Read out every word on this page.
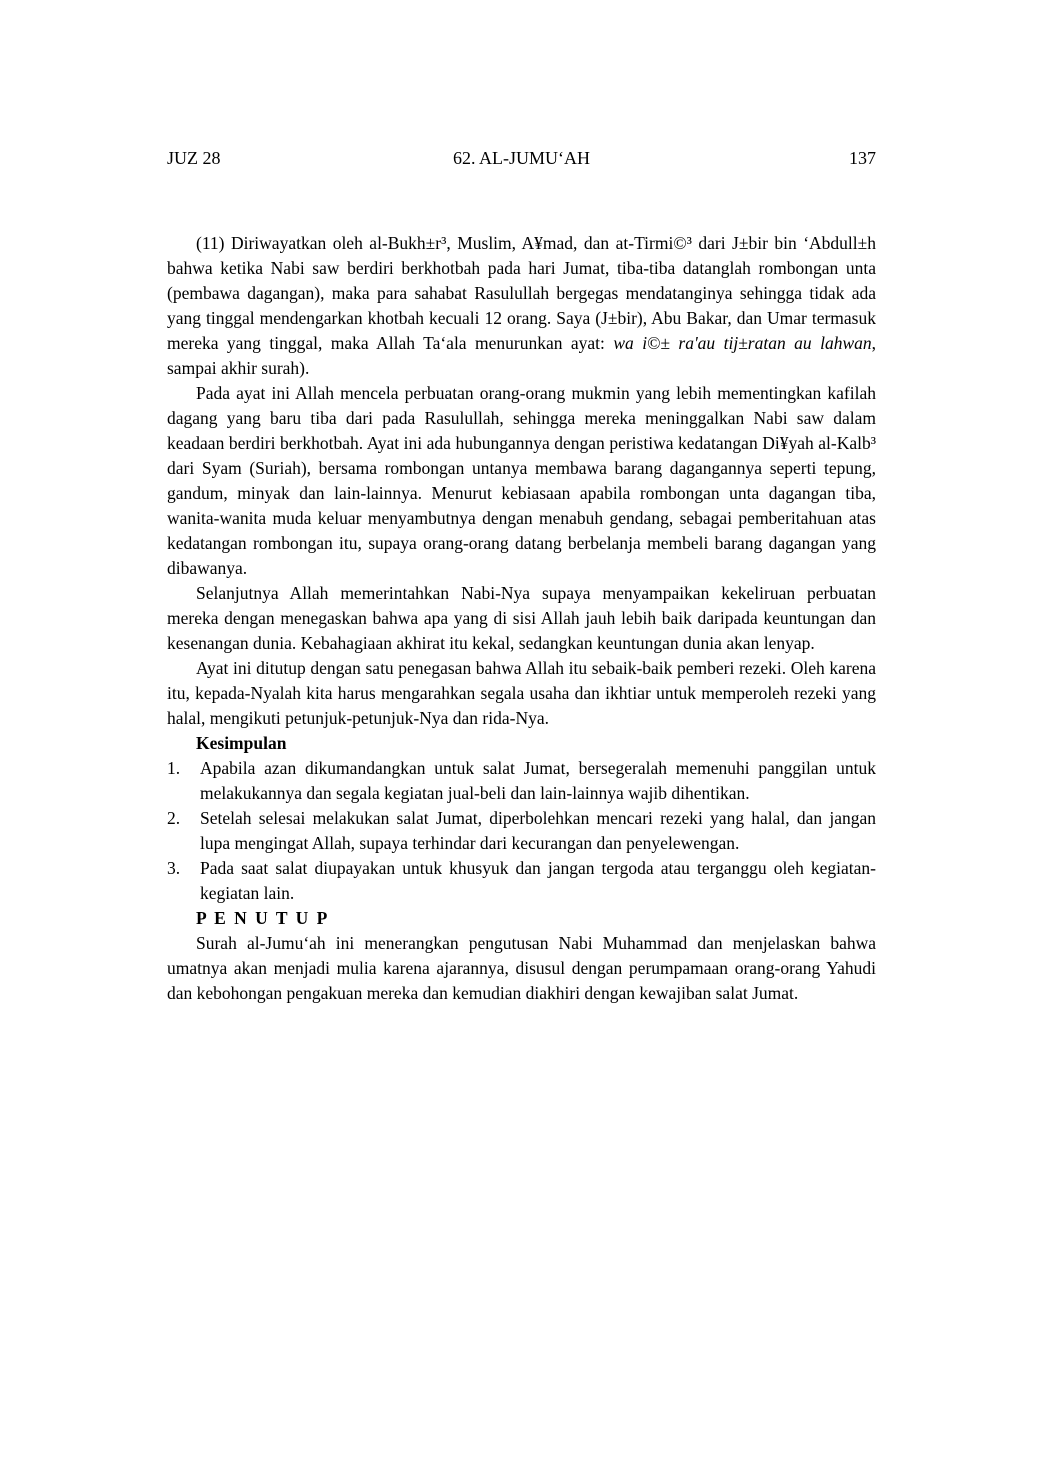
JUZ 28	62. AL-JUMU‘AH	137

(11) Diriwayatkan oleh al-Bukh±r³, Muslim, A¥mad, dan at-Tirmi©³ dari J±bir bin ‘Abdull±h bahwa ketika Nabi saw berdiri berkhotbah pada hari Jumat, tiba-tiba datanglah rombongan unta (pembawa dagangan), maka para sahabat Rasulullah bergegas mendatanginya sehingga tidak ada yang tinggal mendengarkan khotbah kecuali 12 orang. Saya (J±bir), Abu Bakar, dan Umar termasuk mereka yang tinggal, maka Allah Ta‘ala menurunkan ayat: wa i©± ra'au tij±ratan au lahwan, sampai akhir surah).

Pada ayat ini Allah mencela perbuatan orang-orang mukmin yang lebih mementingkan kafilah dagang yang baru tiba dari pada Rasulullah, sehingga mereka meninggalkan Nabi saw dalam keadaan berdiri berkhotbah. Ayat ini ada hubungannya dengan peristiwa kedatangan Di¥yah al-Kalb³ dari Syam (Suriah), bersama rombongan untanya membawa barang dagangannya seperti tepung, gandum, minyak dan lain-lainnya. Menurut kebiasaan apabila rombongan unta dagangan tiba, wanita-wanita muda keluar menyambutnya dengan menabuh gendang, sebagai pemberitahuan atas kedatangan rombongan itu, supaya orang-orang datang berbelanja membeli barang dagangan yang dibawanya.

Selanjutnya Allah memerintahkan Nabi-Nya supaya menyampaikan kekeliruan perbuatan mereka dengan menegaskan bahwa apa yang di sisi Allah jauh lebih baik daripada keuntungan dan kesenangan dunia. Kebahagiaan akhirat itu kekal, sedangkan keuntungan dunia akan lenyap.

Ayat ini ditutup dengan satu penegasan bahwa Allah itu sebaik-baik pemberi rezeki. Oleh karena itu, kepada-Nyalah kita harus mengarahkan segala usaha dan ikhtiar untuk memperoleh rezeki yang halal, mengikuti petunjuk-petunjuk-Nya dan rida-Nya.

Kesimpulan

1.	Apabila azan dikumandangkan untuk salat Jumat, bersegeralah memenuhi panggilan untuk melakukannya dan segala kegiatan jual-beli dan lain-lainnya wajib dihentikan.
2.	Setelah selesai melakukan salat Jumat, diperbolehkan mencari rezeki yang halal, dan jangan lupa mengingat Allah, supaya terhindar dari kecurangan dan penyelewengan.
3.	Pada saat salat diupayakan untuk khusyuk dan jangan tergoda atau terganggu oleh kegiatan-kegiatan lain.

P E N U T U P

Surah al-Jumu‘ah ini menerangkan pengutusan Nabi Muhammad dan menjelaskan bahwa umatnya akan menjadi mulia karena ajarannya, disusul dengan perumpamaan orang-orang Yahudi dan kebohongan pengakuan mereka dan kemudian diakhiri dengan kewajiban salat Jumat.
